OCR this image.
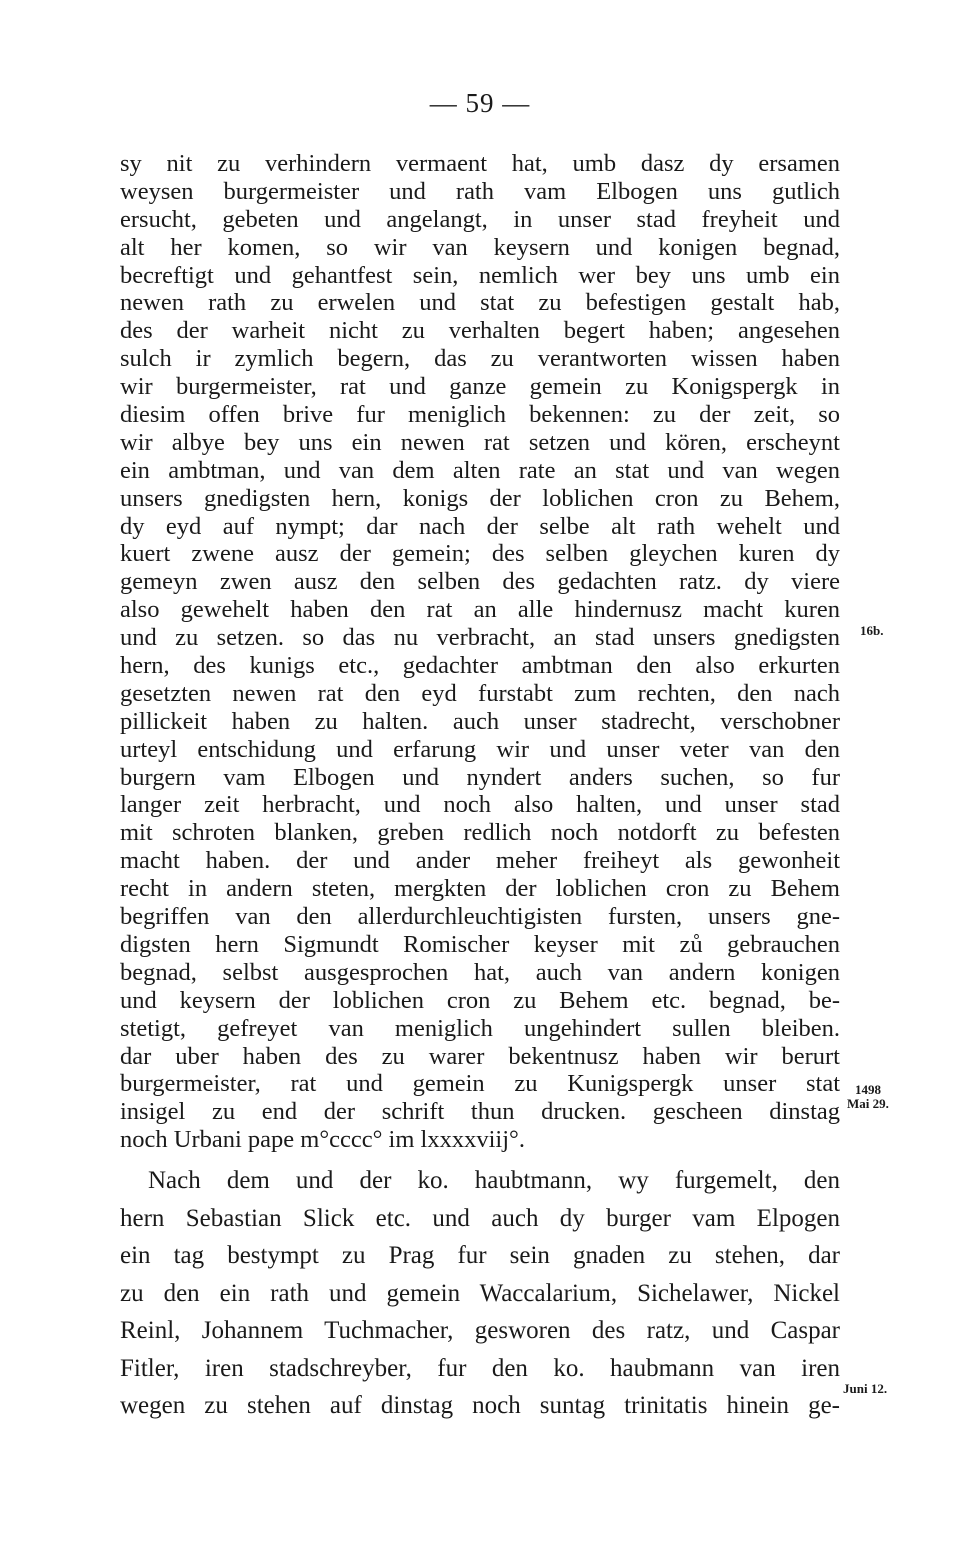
— 59 —
sy nit zu verhindern vermaent hat, umb dasz dy ersamen
weysen burgermeister und rath vam Elbogen uns gutlich
ersucht, gebeten und angelangt, in unser stad freyheit und
alt her komen, so wir van keysern und konigen begnad,
becreftigt und gehantfest sein, nemlich wer bey uns umb ein
newen rath zu erwelen und stat zu befestigen gestalt hab,
des der warheit nicht zu verhalten begert haben; angesehen
sulch ir zymlich begern, das zu verantworten wissen haben
wir burgermeister, rat und ganze gemein zu Konigspergk in
diesim offen brive fur meniglich bekennen: zu der zeit, so
wir albye bey uns ein newen rat setzen und kören, erscheynt
ein ambtman, und van dem alten rate an stat und van wegen
unsers gnedigsten hern, konigs der loblichen cron zu Behem,
dy eyd auf nympt; dar nach der selbe alt rath wehelt und
kuert zwene ausz der gemein; des selben gleychen kuren dy
gemeyn zwen ausz den selben des gedachten ratz. dy viere
also gewehelt haben den rat an alle hindernusz macht kuren
und zu setzen. so das nu verbracht, an stad unsers gnedigsten
hern, des kunigs etc., gedachter ambtman den also erkurten
gesetzten newen rat den eyd furstabt zum rechten, den nach
pillickeit haben zu halten. auch unser stadrecht, verschobner
urteyl entschidung und erfarung wir und unser veter van den
burgern vam Elbogen und nyndert anders suchen, so fur
langer zeit herbracht, und noch also halten, und unser stad
mit schroten blanken, greben redlich noch notdorft zu befesten
macht haben. der und ander meher freiheyt als gewonheit
recht in andern steten, mergkten der loblichen cron zu Behem
begriffen van den allerdurchleuchtigisten fursten, unsers gne-
digsten hern Sigmundt Romischer keyser mit zů gebrauchen
begnad, selbst ausgesprochen hat, auch van andern konigen
und keysern der loblichen cron zu Behem etc. begnad, be-
stetigt, gefreyet van meniglich ungehindert sullen bleiben.
dar uber haben des zu warer bekentnusz haben wir berurt
burgermeister, rat und gemein zu Kunigspergk unser stat
insigel zu end der schrift thun drucken. gescheen dinstag
noch Urbani pape m°cccc° im lxxxxviij°.
Nach dem und der ko. haubtmann, wy furgemelt, den
hern Sebastian Slick etc. und auch dy burger vam Elpogen
ein tag bestympt zu Prag fur sein gnaden zu stehen, dar
zu den ein rath und gemein Waccalarium, Sichelawer, Nickel
Reinl, Johannem Tuchmacher, gesworen des ratz, und Caspar
Fitler, iren stadschreyber, fur den ko. haubmann van iren
wegen zu stehen auf dinstag noch suntag trinitatis hinein ge-
16b.
1498
Mai 29.
Juni 12.
